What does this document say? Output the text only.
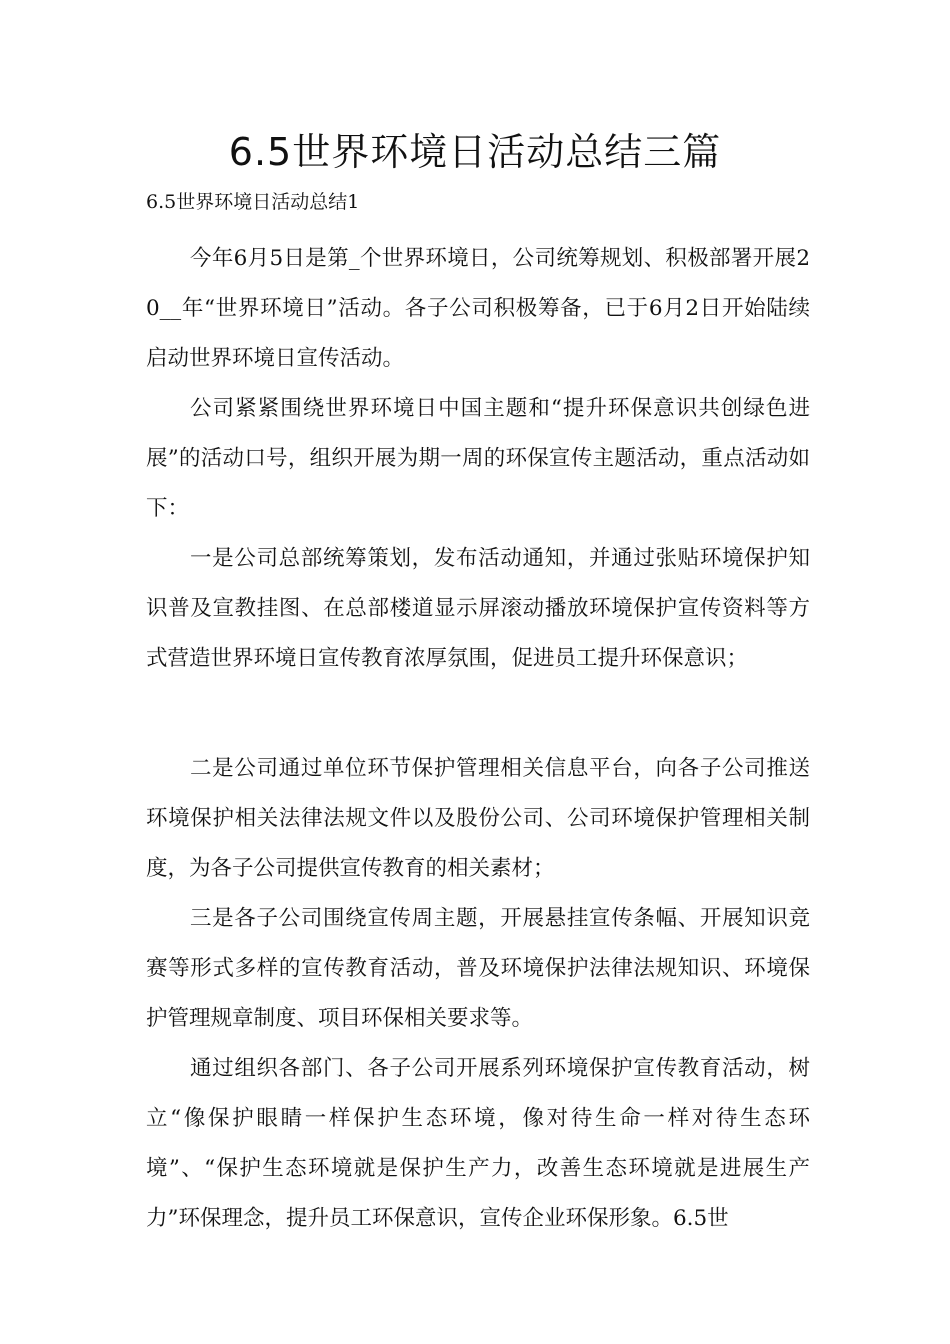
6.5世界环境日活动总结三篇
6.5世界环境日活动总结1

今年6月5日是第_个世界环境日，公司统筹规划、积极部署开展20__年“世界环境日”活动。各子公司积极筹备，已于6月2日开始陆续启动世界环境日宣传活动。

公司紧紧围绕世界环境日中国主题和“提升环保意识共创绿色进展”的活动口号，组织开展为期一周的环保宣传主题活动，重点活动如下：

一是公司总部统筹策划，发布活动通知，并通过张贴环境保护知识普及宣教挂图、在总部楼道显示屏滚动播放环境保护宣传资料等方式营造世界环境日宣传教育浓厚氛围，促进员工提升环保意识；

二是公司通过单位环节保护管理相关信息平台，向各子公司推送环境保护相关法律法规文件以及股份公司、公司环境保护管理相关制度，为各子公司提供宣传教育的相关素材；

三是各子公司围绕宣传周主题，开展悬挂宣传条幅、开展知识竞赛等形式多样的宣传教育活动，普及环境保护法律法规知识、环境保护管理规章制度、项目环保相关要求等。

通过组织各部门、各子公司开展系列环境保护宣传教育活动，树立“像保护眼睛一样保护生态环境，像对待生命一样对待生态环境”、“保护生态环境就是保护生产力，改善生态环境就是进展生产力”环保理念，提升员工环保意识，宣传企业环保形象。6.5世
